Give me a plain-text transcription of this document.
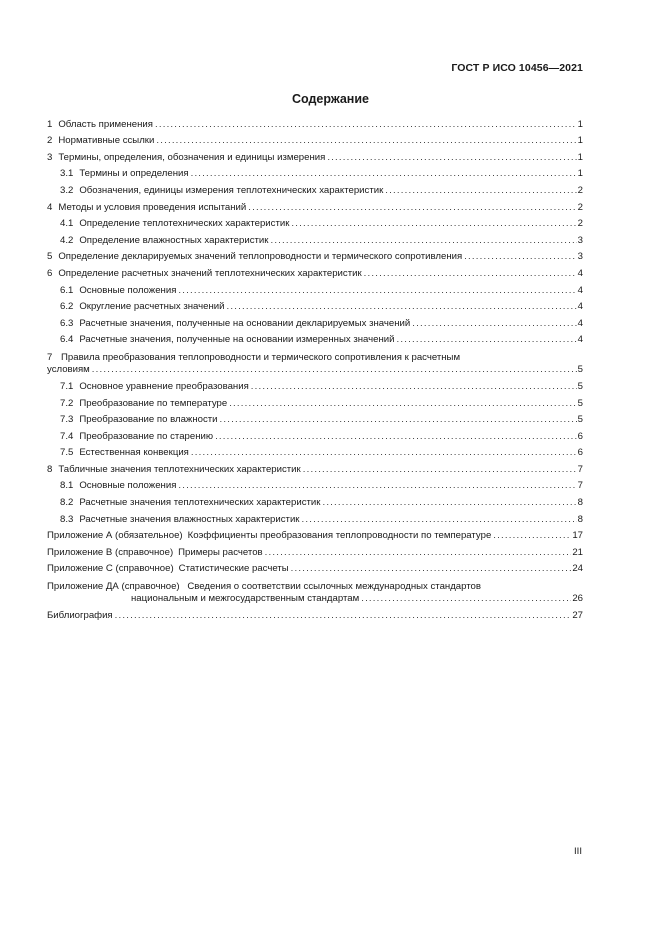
ГОСТ Р ИСО 10456—2021
Содержание
1 Область применения .....	1
2 Нормативные ссылки .....	1
3 Термины, определения, обозначения и единицы измерения .....	1
3.1 Термины и определения .....	1
3.2 Обозначения, единицы измерения теплотехнических характеристик .....	2
4 Методы и условия проведения испытаний .....	2
4.1 Определение теплотехнических характеристик .....	2
4.2 Определение влажностных характеристик .....	3
5 Определение декларируемых значений теплопроводности и термического сопротивления .....	3
6 Определение расчетных значений теплотехнических характеристик .....	4
6.1 Основные положения .....	4
6.2 Округление расчетных значений .....	4
6.3 Расчетные значения, полученные на основании декларируемых значений .....	4
6.4 Расчетные значения, полученные на основании измеренных значений .....	4
7 Правила преобразования теплопроводности и термического сопротивления к расчетным
условиям .....	5
7.1 Основное уравнение преобразования .....	5
7.2 Преобразование по температуре .....	5
7.3 Преобразование по влажности .....	5
7.4 Преобразование по старению .....	6
7.5 Естественная конвекция .....	6
8 Табличные значения теплотехнических характеристик .....	7
8.1 Основные положения .....	7
8.2 Расчетные значения теплотехнических характеристик .....	8
8.3 Расчетные значения влажностных характеристик .....	8
Приложение А (обязательное) Коэффициенты преобразования теплопроводности по температуре .....	17
Приложение В (справочное) Примеры расчетов .....	21
Приложение С (справочное) Статистические расчеты .....	24
Приложение ДА (справочное) Сведения о соответствии ссылочных международных стандартов
национальным и межгосударственным стандартам .....	26
Библиография .....	27
III
